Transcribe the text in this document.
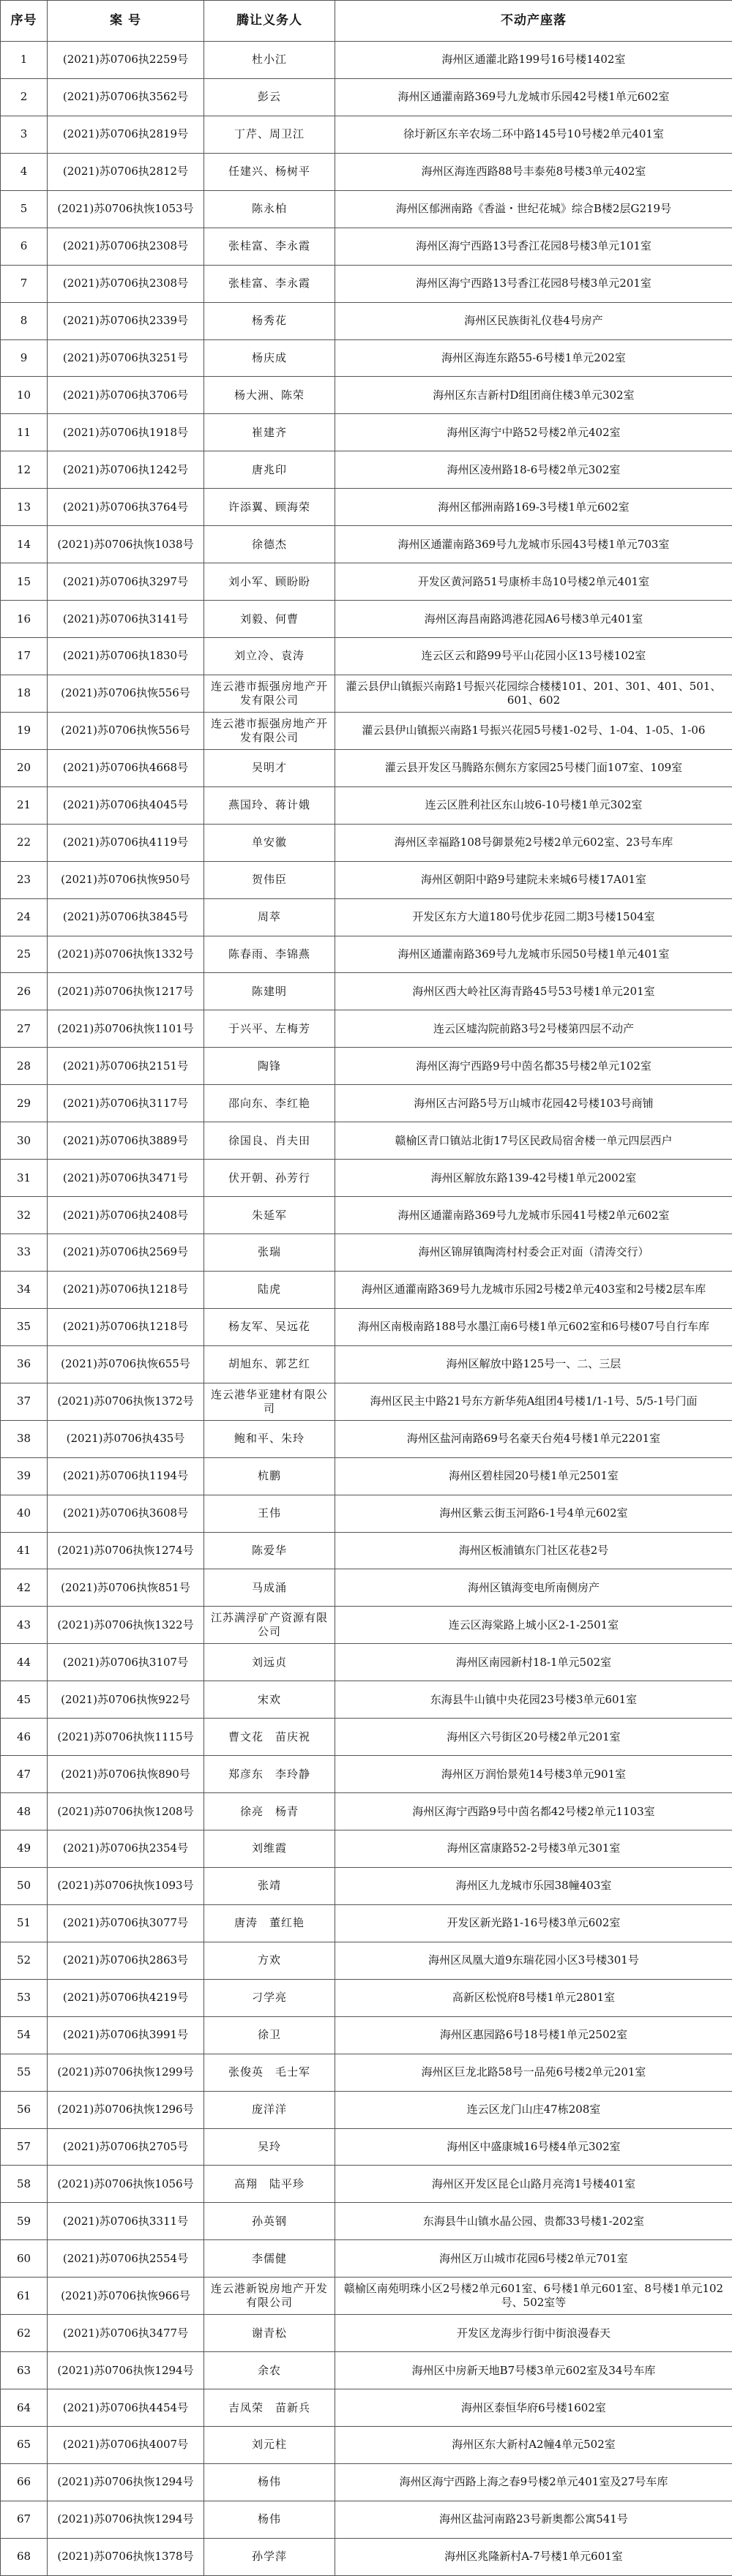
序号	案 号	腾让义务人	不动产座落
1	(2021)苏0706执2259号	杜小江	海州区通灌北路199号16号楼1402室
2	(2021)苏0706执3562号	彭云	海州区通灌南路369号九龙城市乐园42号楼1单元602室
3	(2021)苏0706执2819号	丁芹、周卫江	徐圩新区东辛农场二环中路145号10号楼2单元401室
4	(2021)苏0706执2812号	任建兴、杨树平	海州区海连西路88号丰泰苑8号楼3单元402室
5	(2021)苏0706执恢1053号	陈永柏	海州区郁洲南路《香溢・世纪花城》综合B楼2层G219号
6	(2021)苏0706执2308号	张桂富、李永霞	海州区海宁西路13号香江花园8号楼3单元101室
7	(2021)苏0706执2308号	张桂富、李永霞	海州区海宁西路13号香江花园8号楼3单元201室
8	(2021)苏0706执2339号	杨秀花	海州区民族街礼仪巷4号房产
9	(2021)苏0706执3251号	杨庆成	海州区海连东路55-6号楼1单元202室
10	(2021)苏0706执3706号	杨大洲、陈荣	海州区东吉新村D组团商住楼3单元302室
11	(2021)苏0706执1918号	崔建齐	海州区海宁中路52号楼2单元402室
12	(2021)苏0706执1242号	唐兆印	海州区凌州路18-6号楼2单元302室
13	(2021)苏0706执3764号	许添翼、顾海荣	海州区郁洲南路169-3号楼1单元602室
14	(2021)苏0706执恢1038号	徐德杰	海州区通灌南路369号九龙城市乐园43号楼1单元703室
15	(2021)苏0706执3297号	刘小军、顾盼盼	开发区黄河路51号康桥丰岛10号楼2单元401室
16	(2021)苏0706执3141号	刘毅、何曹	海州区海昌南路鸿港花园A6号楼3单元401室
17	(2021)苏0706执1830号	刘立冷、袁涛	连云区云和路99号平山花园小区13号楼102室
18	(2021)苏0706执恢556号	连云港市振强房地产开发有限公司	灌云县伊山镇振兴南路1号振兴花园综合楼楼101、201、301、401、501、601、602
19	(2021)苏0706执恢556号	连云港市振强房地产开发有限公司	灌云县伊山镇振兴南路1号振兴花园5号楼1-02号、1-04、1-05、1-06
20	(2021)苏0706执4668号	吴明才	灌云县开发区马腾路东侧东方家园25号楼门面107室、109室
21	(2021)苏0706执4045号	燕国玲、蒋计娥	连云区胜利社区东山坡6-10号楼1单元302室
22	(2021)苏0706执4119号	单安徽	海州区幸福路108号御景苑2号楼2单元602室、23号车库
23	(2021)苏0706执恢950号	贺伟臣	海州区朝阳中路9号建院未来城6号楼17A01室
24	(2021)苏0706执3845号	周萃	开发区东方大道180号优步花园二期3号楼1504室
25	(2021)苏0706执恢1332号	陈春雨、李锦燕	海州区通灌南路369号九龙城市乐园50号楼1单元401室
26	(2021)苏0706执恢1217号	陈建明	海州区西大岭社区海青路45号53号楼1单元201室
27	(2021)苏0706执恢1101号	于兴平、左梅芳	连云区墟沟院前路3号2号楼第四层不动产
28	(2021)苏0706执2151号	陶锋	海州区海宁西路9号中茵名都35号楼2单元102室
29	(2021)苏0706执3117号	邵向东、李红艳	海州区古河路5号万山城市花园42号楼103号商铺
30	(2021)苏0706执3889号	徐国良、肖夫田	赣榆区青口镇站北街17号区民政局宿舍楼一单元四层西户
31	(2021)苏0706执3471号	伏开朝、孙芳行	海州区解放东路139-42号楼1单元2002室
32	(2021)苏0706执2408号	朱延军	海州区通灌南路369号九龙城市乐园41号楼2单元602室
33	(2021)苏0706执2569号	张瑞	海州区锦屏镇陶湾村村委会正对面（清涛交行）
34	(2021)苏0706执1218号	陆虎	海州区通灌南路369号九龙城市乐园2号楼2单元403室和2号楼2层车库
35	(2021)苏0706执1218号	杨友军、吴远花	海州区南极南路188号水墨江南6号楼1单元602室和6号楼07号自行车库
36	(2021)苏0706执恢655号	胡旭东、郭艺红	海州区解放中路125号一、二、三层
37	(2021)苏0706执恢1372号	连云港华亚建材有限公司	海州区民主中路21号东方新华苑A组团4号楼1/1-1号、5/5-1号门面
38	(2021)苏0706执435号	鲍和平、朱玲	海州区盐河南路69号名豪天台苑4号楼1单元2201室
39	(2021)苏0706执1194号	杭鹏	海州区碧桂园20号楼1单元2501室
40	(2021)苏0706执3608号	王伟	海州区紫云街玉河路6-1号4单元602室
41	(2021)苏0706执恢1274号	陈爱华	海州区板浦镇东门社区花巷2号
42	(2021)苏0706执恢851号	马成涌	海州区镇海变电所南侧房产
43	(2021)苏0706执恢1322号	江苏满浮矿产资源有限公司	连云区海棠路上城小区2-1-2501室
44	(2021)苏0706执3107号	刘远贞	海州区南园新村18-1单元502室
45	(2021)苏0706执恢922号	宋欢	东海县牛山镇中央花园23号楼3单元601室
46	(2021)苏0706执恢1115号	曹文花　苗庆祝	海州区六号街区20号楼2单元201室
47	(2021)苏0706执恢890号	郑彦东　李玲静	海州区万润怡景苑14号楼3单元901室
48	(2021)苏0706执恢1208号	徐亮　杨青	海州区海宁西路9号中茵名都42号楼2单元1103室
49	(2021)苏0706执2354号	刘维霞	海州区富康路52-2号楼3单元301室
50	(2021)苏0706执恢1093号	张靖	海州区九龙城市乐园38幢403室
51	(2021)苏0706执3077号	唐涛　董红艳	开发区新光路1-16号楼3单元602室
52	(2021)苏0706执2863号	方欢	海州区凤凰大道9东瑞花园小区3号楼301号
53	(2021)苏0706执4219号	刁学亮	高新区松悦府8号楼1单元2801室
54	(2021)苏0706执3991号	徐卫	海州区惠园路6号18号楼1单元2502室
55	(2021)苏0706执恢1299号	张俊英　毛士军	海州区巨龙北路58号一品苑6号楼2单元201室
56	(2021)苏0706执恢1296号	庞洋洋	连云区龙门山庄47栋208室
57	(2021)苏0706执2705号	吴玲	海州区中盛康城16号楼4单元302室
58	(2021)苏0706执恢1056号	高翔　陆平珍	海州区开发区昆仑山路月亮湾1号楼401室
59	(2021)苏0706执3311号	孙英钢	东海县牛山镇水晶公园、贵都33号楼1-202室
60	(2021)苏0706执2554号	李儒健	海州区万山城市花园6号楼2单元701室
61	(2021)苏0706执恢966号	连云港新锐房地产开发有限公司	赣榆区南苑明珠小区2号楼2单元601室、6号楼1单元601室、8号楼1单元102号、502室等
62	(2021)苏0706执3477号	谢青松	开发区龙海步行街中街浪漫春天
63	(2021)苏0706执恢1294号	余农	海州区中房新天地B7号楼3单元602室及34号车库
64	(2021)苏0706执4454号	吉凤荣　苗新兵	海州区泰恒华府6号楼1602室
65	(2021)苏0706执4007号	刘元柱	海州区东大新村A2幢4单元502室
66	(2021)苏0706执恢1294号	杨伟	海州区海宁西路上海之春9号楼2单元401室及27号车库
67	(2021)苏0706执恢1294号	杨伟	海州区盐河南路23号新奥都公寓541号
68	(2021)苏0706执恢1378号	孙学萍	海州区兆隆新村A-7号楼1单元601室
